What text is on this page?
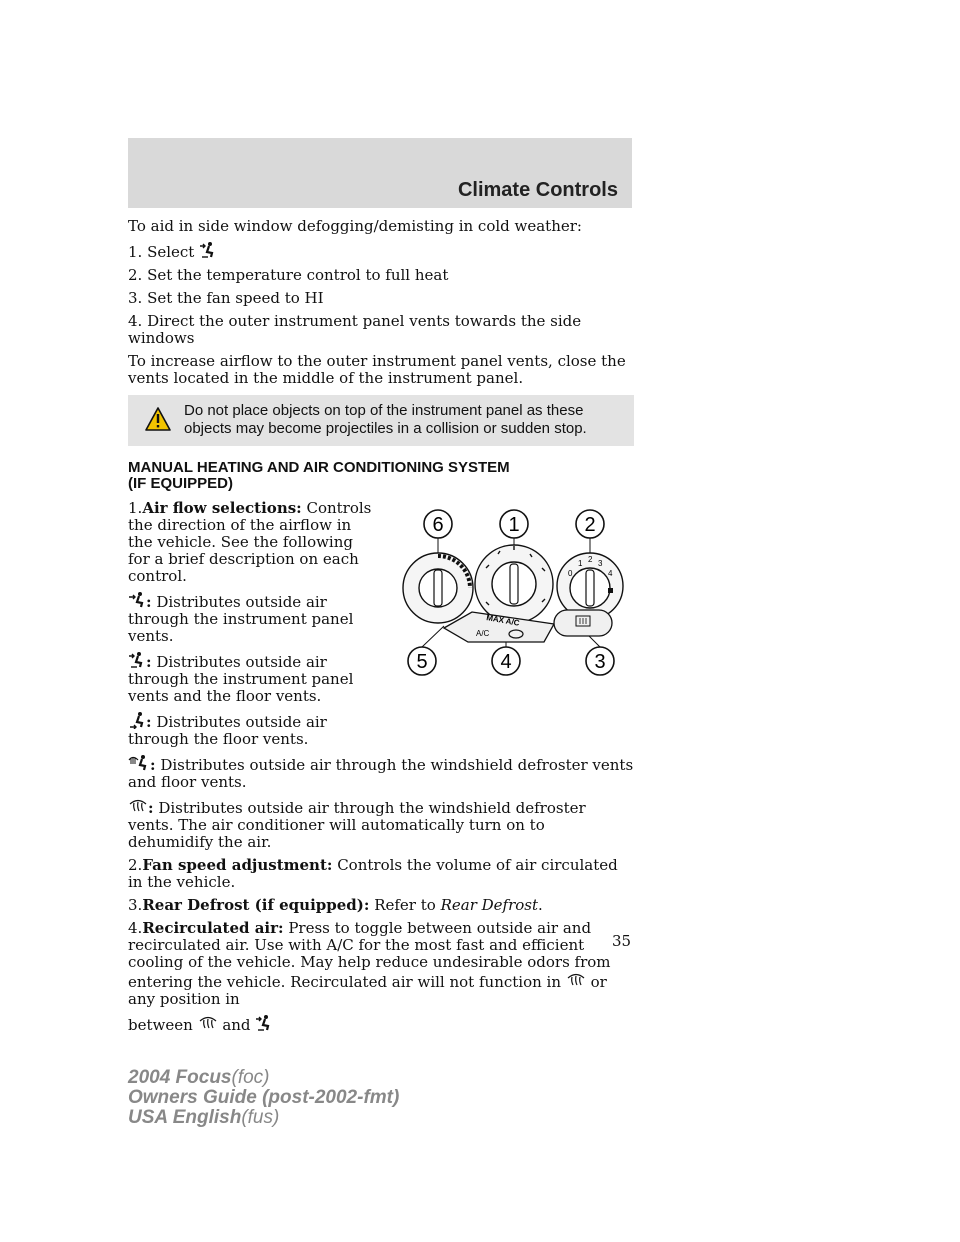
Climate Controls

To aid in side window defogging/demisting in cold weather:

1. Select

2. Set the temperature control to full heat

3. Set the fan speed to HI

4. Direct the outer instrument panel vents towards the side windows

To increase airflow to the outer instrument panel vents, close the vents located in the middle of the instrument panel.

Do not place objects on top of the instrument panel as these objects may become projectiles in a collision or sudden stop.
MANUAL HEATING AND AIR CONDITIONING SYSTEM
(IF EQUIPPED)

1.Air flow selections: Controls the direction of the airflow in the vehicle. See the following for a brief description on each control.

: Distributes outside air through the instrument panel vents.

: Distributes outside air through the instrument panel vents and the floor vents.

: Distributes outside air through the floor vents.

6	1	2
5	4	3
0
1 2 3
4
MAX A/C
A/C

: Distributes outside air through the windshield defroster vents and floor vents.

: Distributes outside air through the windshield defroster vents. The air conditioner will automatically turn on to dehumidify the air.

2.Fan speed adjustment: Controls the volume of air circulated in the vehicle.

3.Rear Defrost (if equipped): Refer to Rear Defrost.

4.Recirculated air: Press to toggle between outside air and recirculated air. Use with A/C for the most fast and efficient cooling of the vehicle. May help reduce undesirable odors from entering the vehicle. Recirculated air will not function in or any position in

between and

35
2004 Focus(foc)
Owners Guide (post-2002-fmt)
USA English(fus)
